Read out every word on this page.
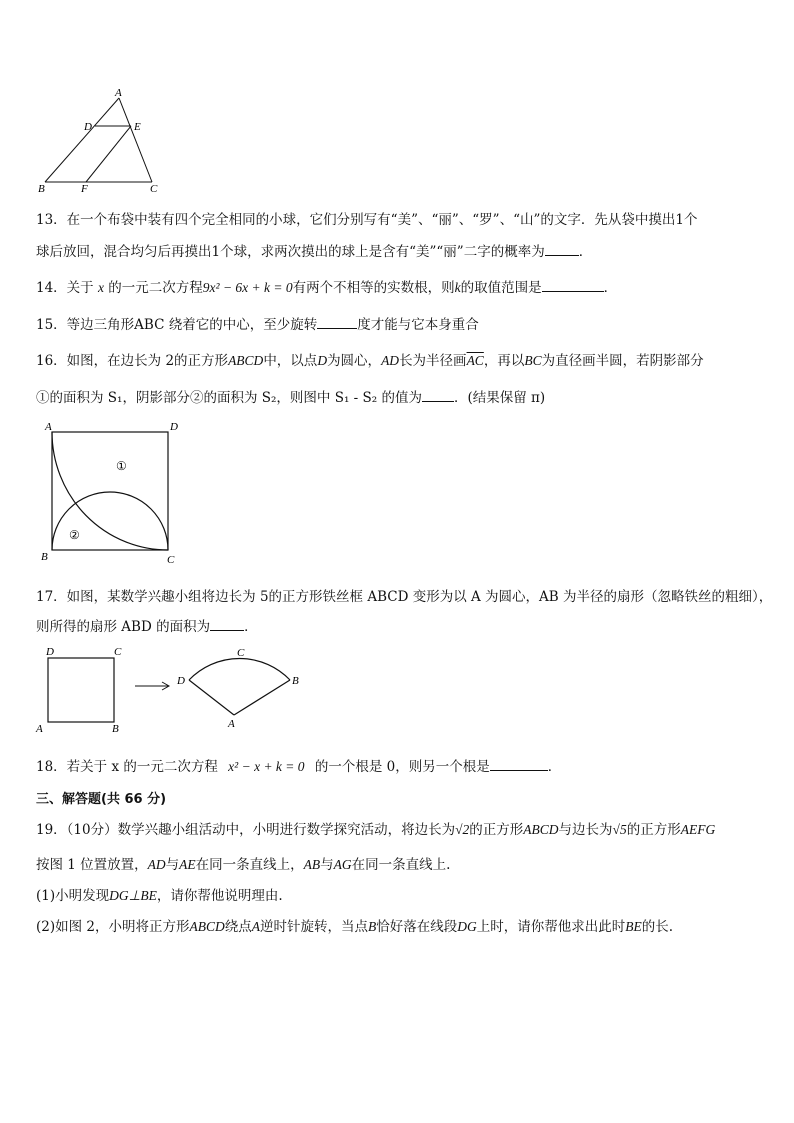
A
D	E
B	F	C
13．在一个布袋中装有四个完全相同的小球，它们分别写有“美”、“丽”、“罗”、“山”的文字．先从袋中摸出1个
球后放回，混合均匀后再摸出1个球，求两次摸出的球上是含有“美”“丽”二字的概率为	．
14．关于 x 的一元二次方程9x² − 6x + k = 0有两个不相等的实数根，则k的取值范围是	．
15．等边三角形ABC 绕着它的中心，至少旋转	度才能与它本身重合
16．如图，在边长为 2的正方形ABCD中，以点D为圆心，AD长为半径画$\overline{AC}$，再以BC为直径画半圆，若阴影部分
①的面积为 S₁，阴影部分②的面积为 S₂，则图中 S₁ - S₂ 的值为 ．(结果保留 π)
A	D
B	C
①
②
17．如图，某数学兴趣小组将边长为 5的正方形铁丝框 ABCD 变形为以 A 为圆心，AB 为半径的扇形（忽略铁丝的粗细），
则所得的扇形 ABD 的面积为	．
D	C
A	B
D
C
B
A
18．若关于 x 的一元二次方程 x² − x + k = 0 的一个根是 0，则另一个根是	．
三、解答题(共 66 分)
19．（10分）数学兴趣小组活动中，小明进行数学探究活动，将边长为√2的正方形ABCD与边长为√5的正方形AEFG
按图 1 位置放置，AD与AE在同一条直线上，AB与AG在同一条直线上.
(1)小明发现DG⊥BE，请你帮他说明理由.
(2)如图 2，小明将正方形ABCD绕点A逆时针旋转，当点B恰好落在线段DG上时，请你帮他求出此时BE的长.
